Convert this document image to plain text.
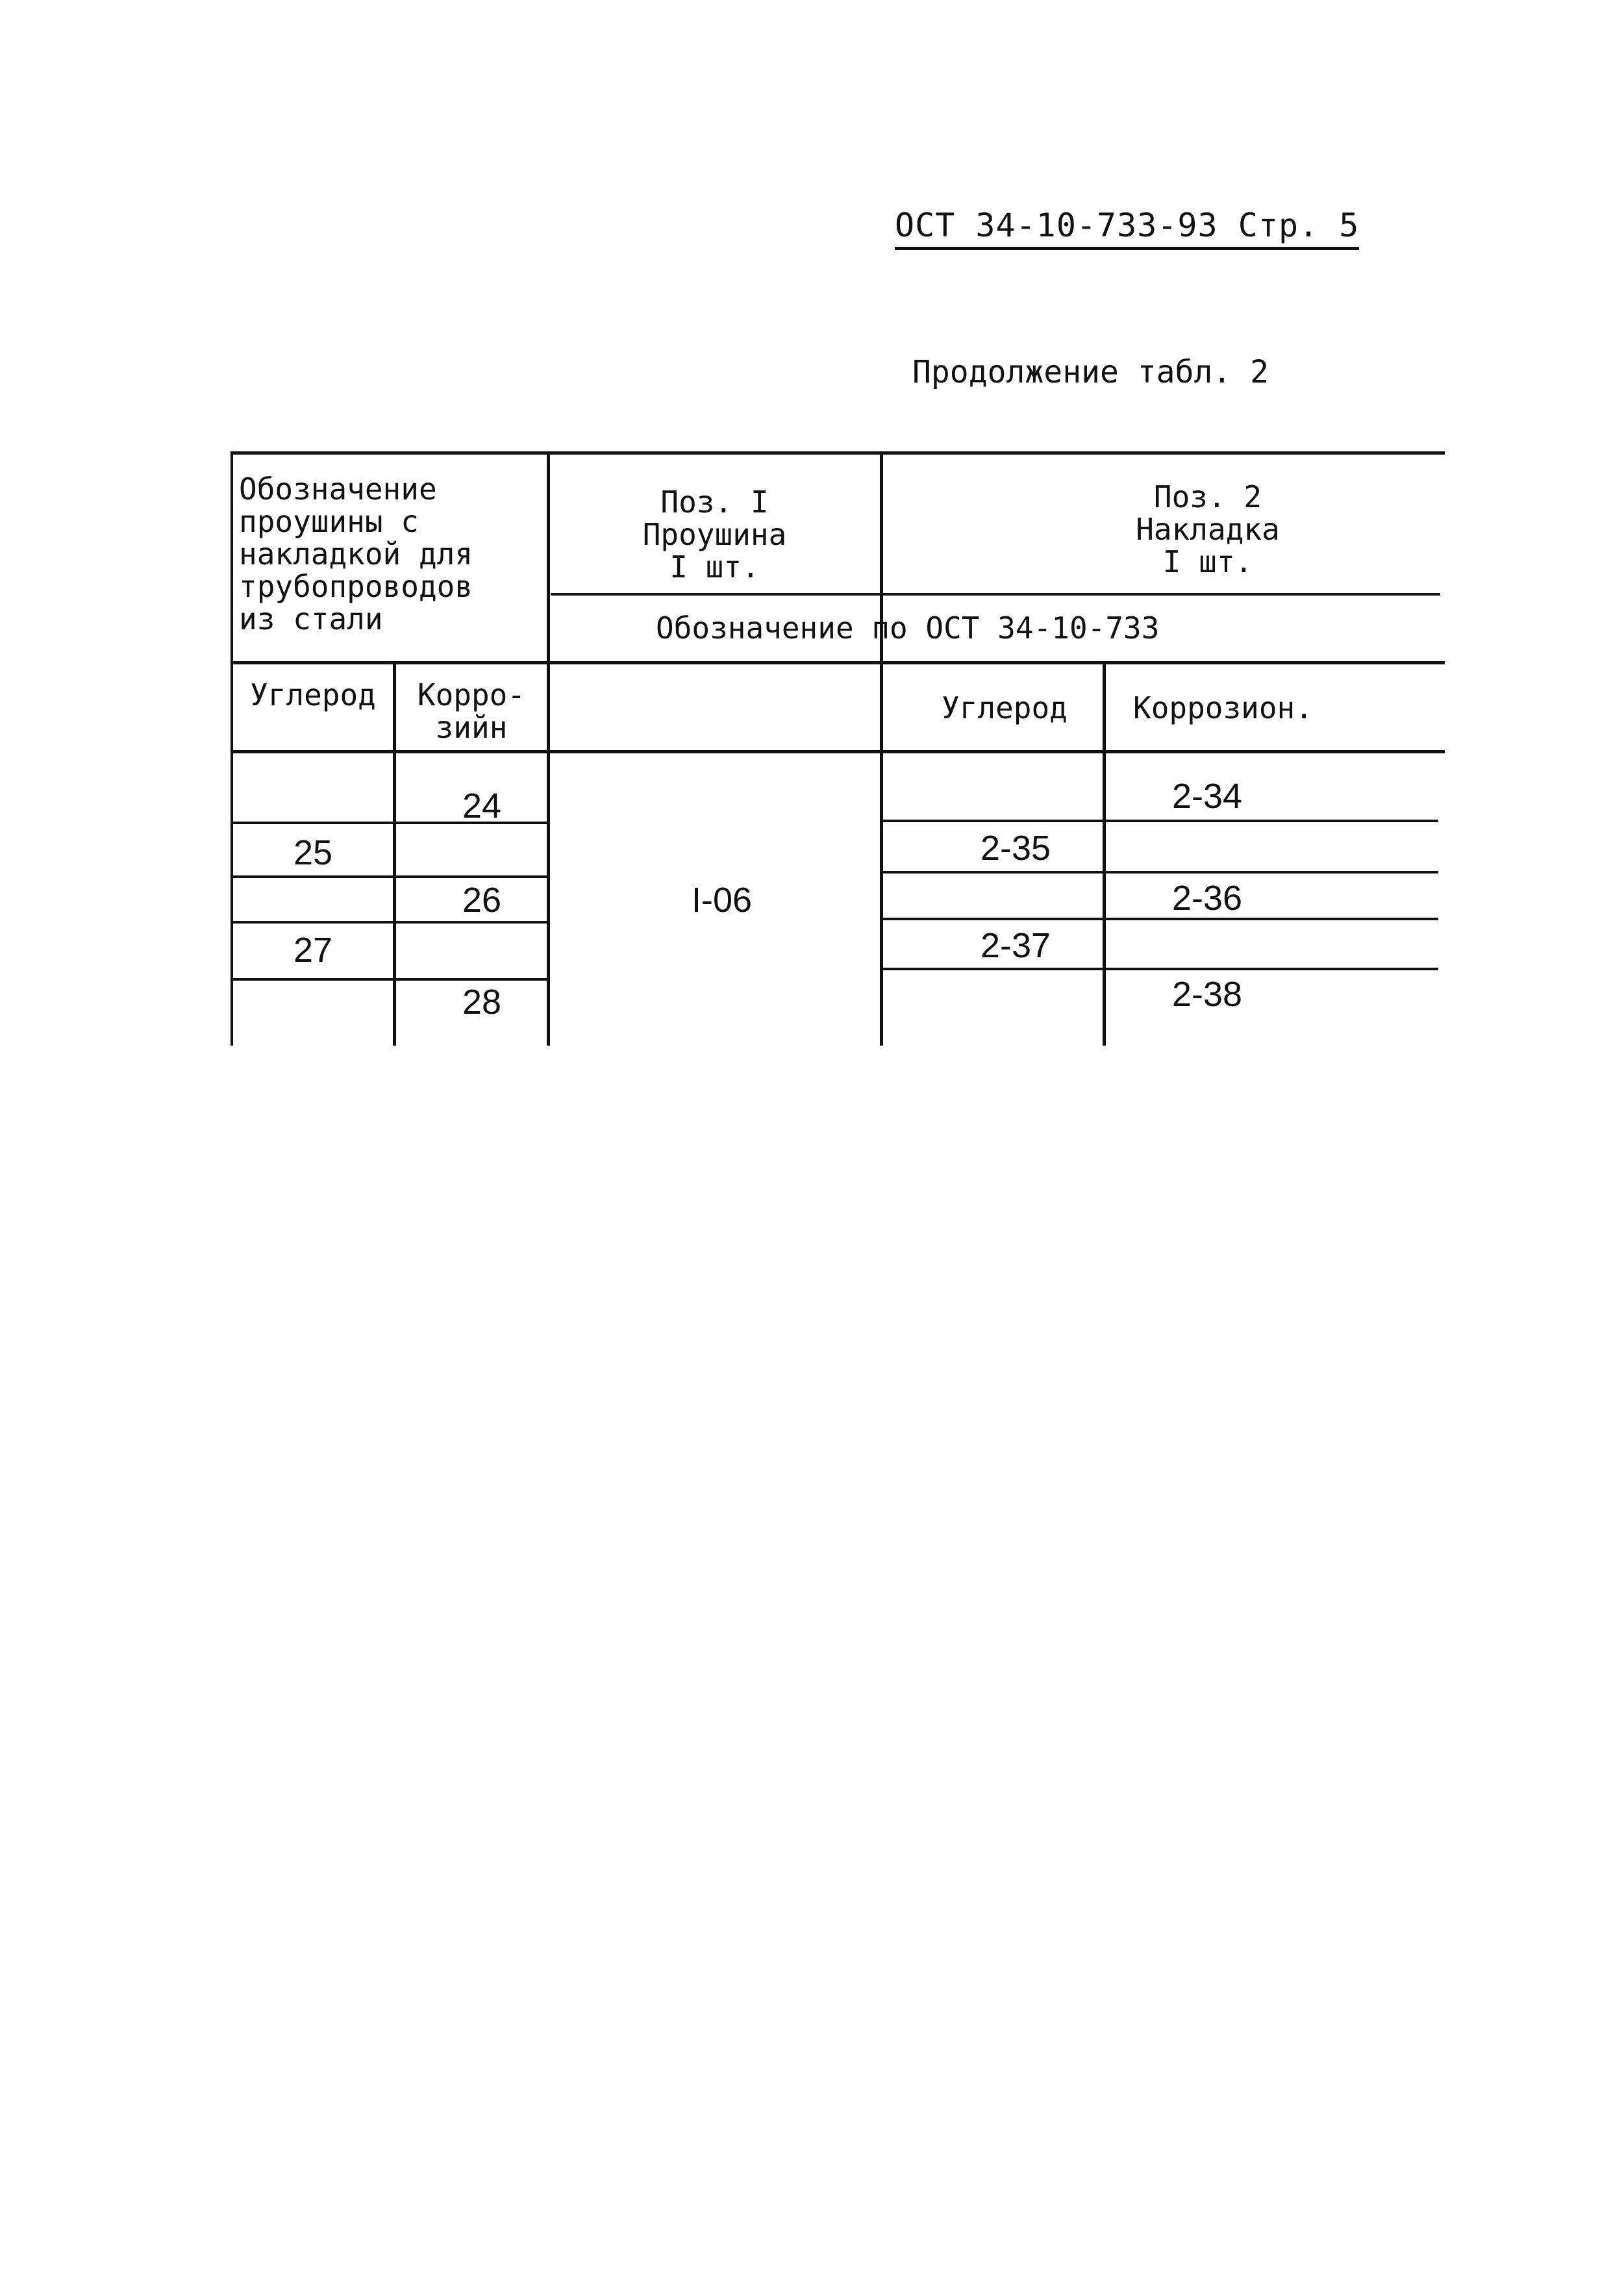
ОСТ 34-10-733-93 Стр. 5
Продолжение табл. 2
Обозначение
проушины с
накладкой для
трубопроводов
из стали
Поз. I
Проушина
I шт.
Поз. 2
Накладка
I шт.
Обозначение по ОСТ 34-10-733
Углерод	Корро-
зийн
Углерод Коррозион.
I-06
24
25
26
27
28
2-34
2-35
2-36
2-37
2-38
